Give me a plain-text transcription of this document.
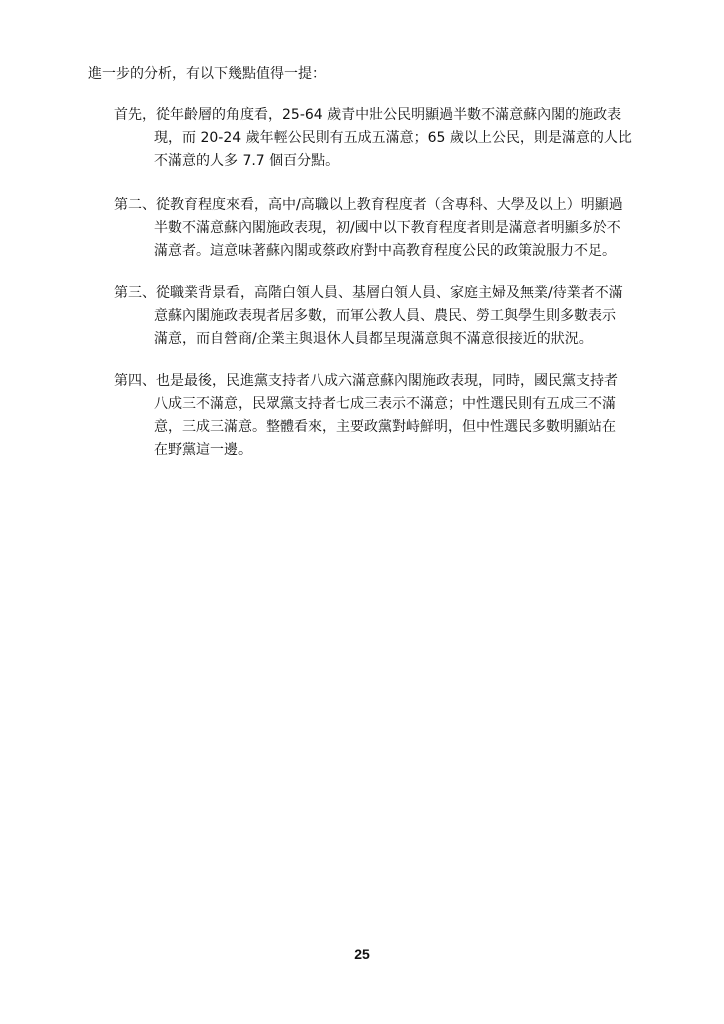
進一步的分析，有以下幾點值得一提：
首先，從年齡層的角度看，25-64 歲青中壯公民明顯過半數不滿意蘇內閣的施政表
現，而 20-24 歲年輕公民則有五成五滿意；65 歲以上公民，則是滿意的人比
不滿意的人多 7.7 個百分點。
第二、從教育程度來看，高中/高職以上教育程度者（含專科、大學及以上）明顯過
半數不滿意蘇內閣施政表現，初/國中以下教育程度者則是滿意者明顯多於不
滿意者。這意味著蘇內閣或蔡政府對中高教育程度公民的政策說服力不足。
第三、從職業背景看，高階白領人員、基層白領人員、家庭主婦及無業/待業者不滿
意蘇內閣施政表現者居多數，而軍公教人員、農民、勞工與學生則多數表示
滿意，而自營商/企業主與退休人員都呈現滿意與不滿意很接近的狀況。
第四、也是最後，民進黨支持者八成六滿意蘇內閣施政表現，同時，國民黨支持者
八成三不滿意，民眾黨支持者七成三表示不滿意；中性選民則有五成三不滿
意，三成三滿意。整體看來，主要政黨對峙鮮明，但中性選民多數明顯站在
在野黨這一邊。
25
